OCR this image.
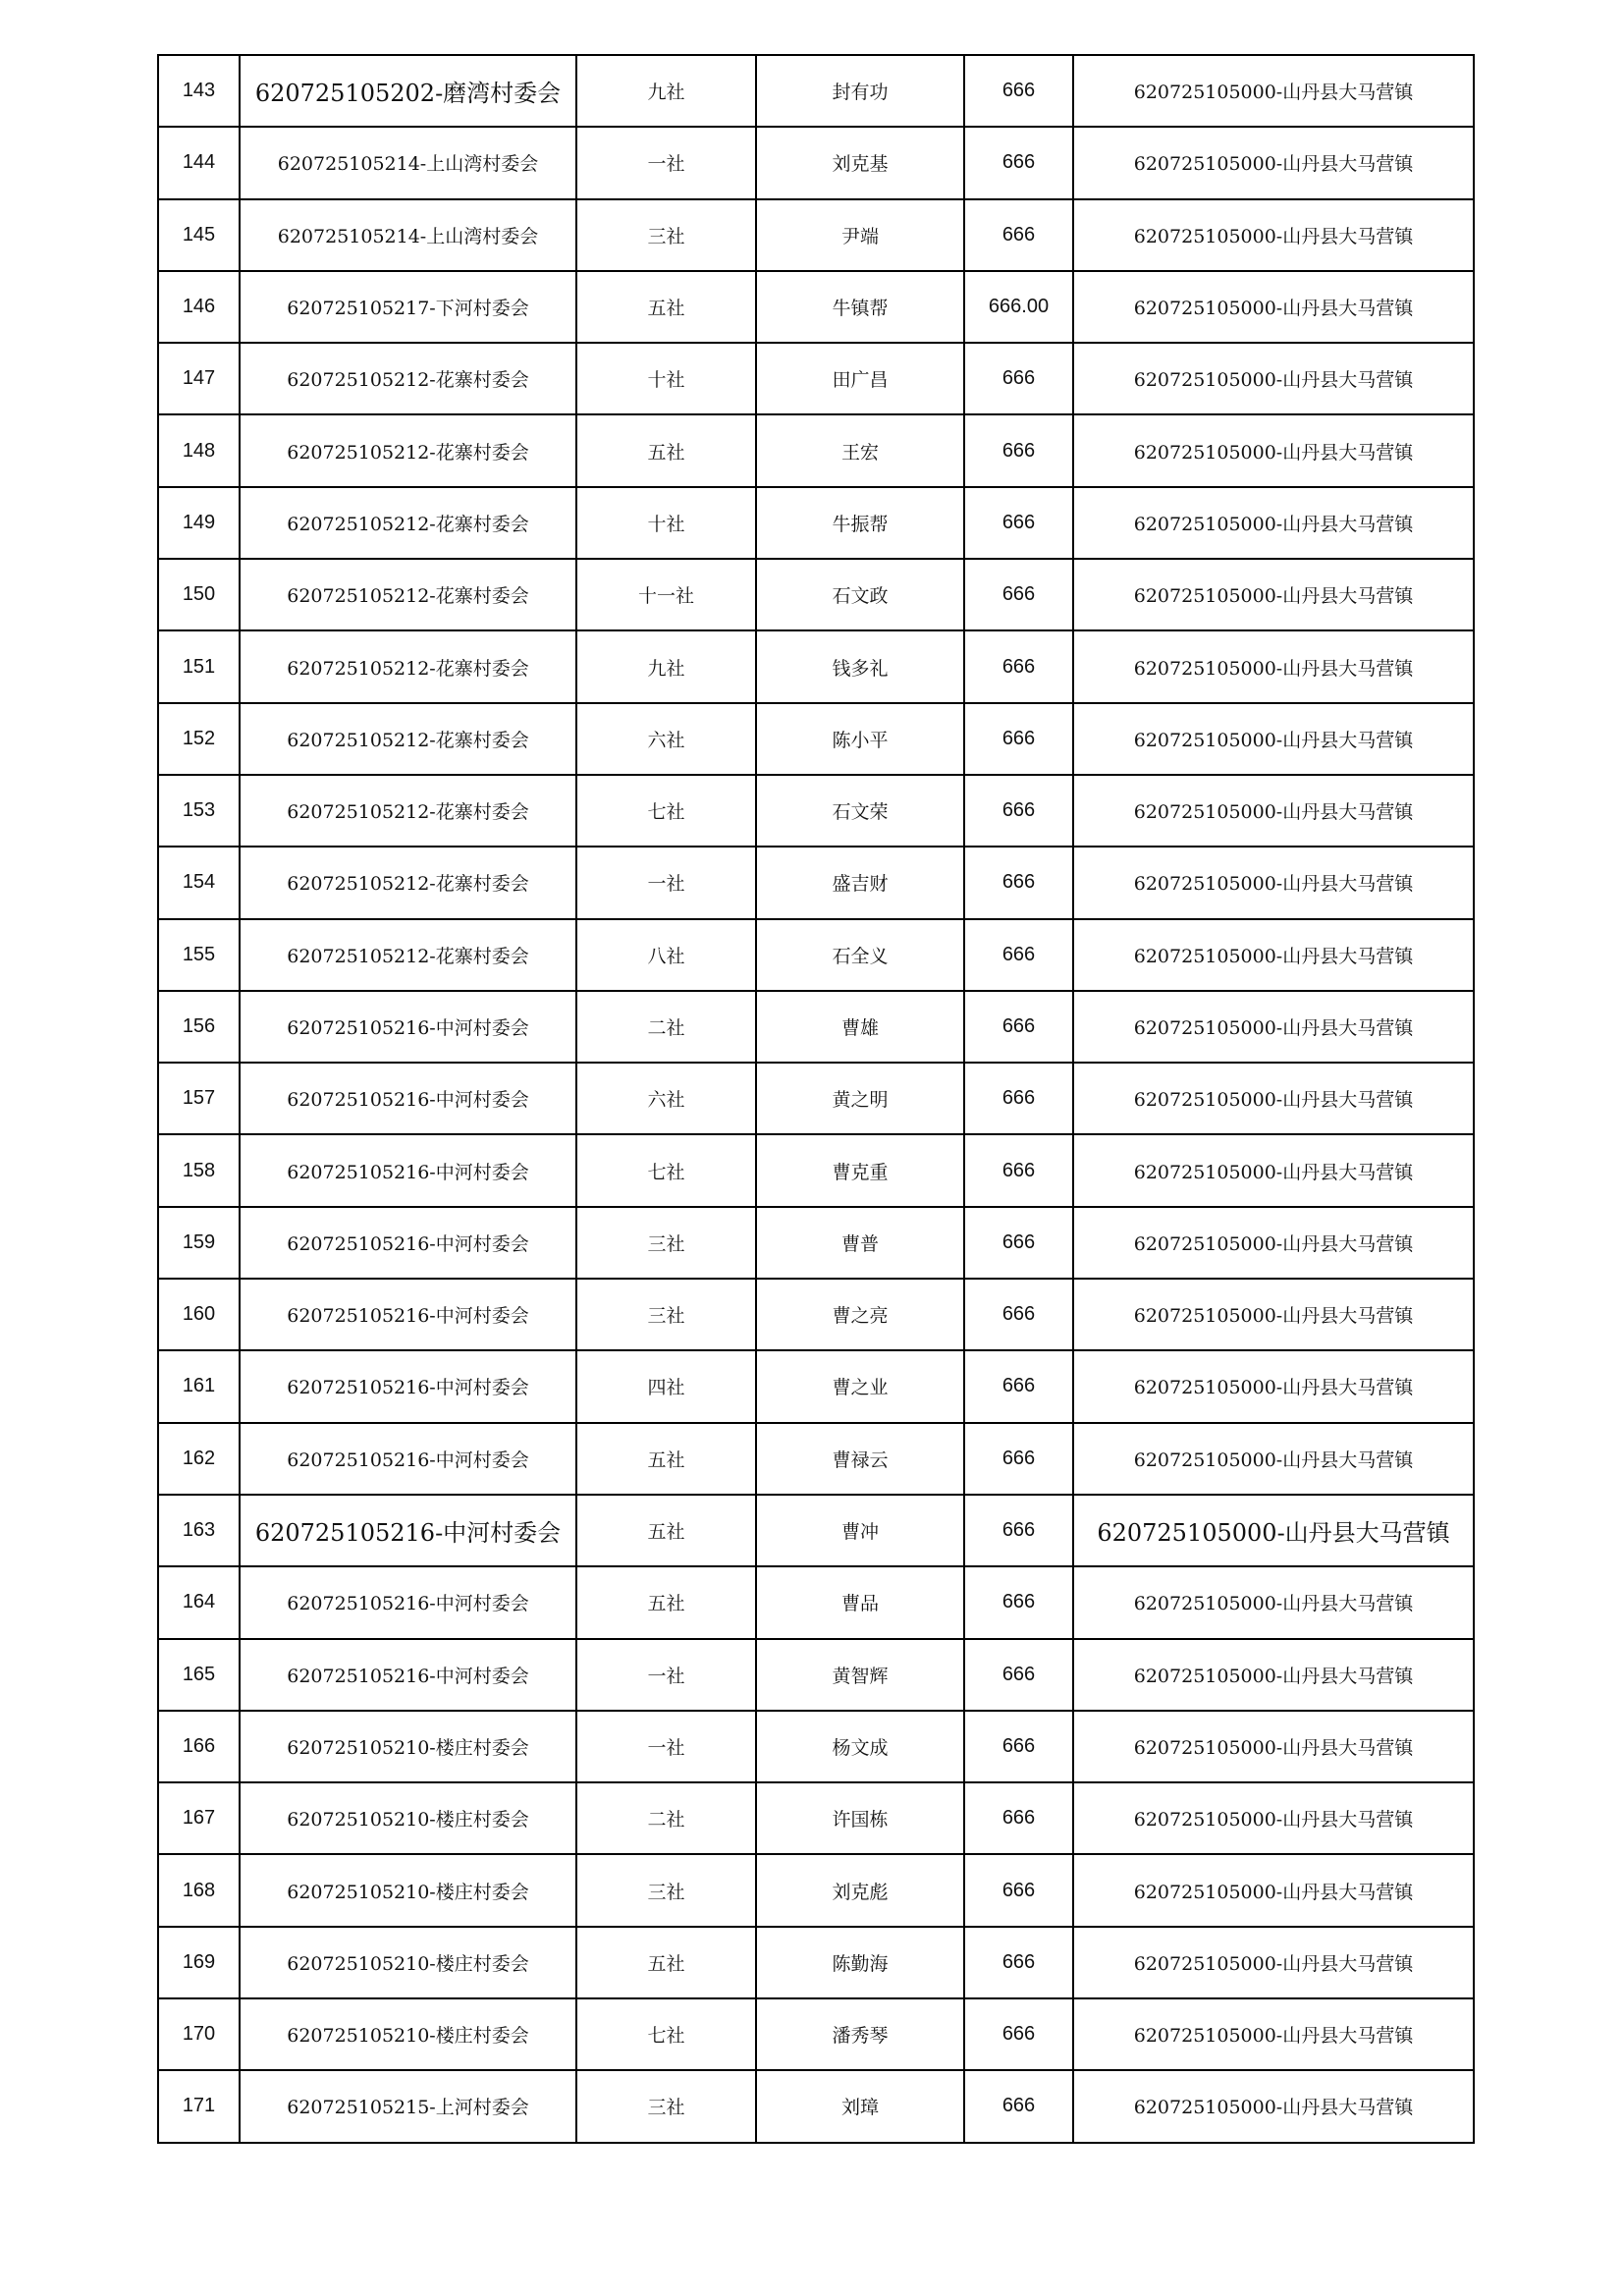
143	620725105202-磨湾村委会	九社	封有功	666	620725105000-山丹县大马营镇
144	620725105214-上山湾村委会	一社	刘克基	666	620725105000-山丹县大马营镇
145	620725105214-上山湾村委会	三社	尹端	666	620725105000-山丹县大马营镇
146	620725105217-下河村委会	五社	牛镇帮	666.00	620725105000-山丹县大马营镇
147	620725105212-花寨村委会	十社	田广昌	666	620725105000-山丹县大马营镇
148	620725105212-花寨村委会	五社	王宏	666	620725105000-山丹县大马营镇
149	620725105212-花寨村委会	十社	牛振帮	666	620725105000-山丹县大马营镇
150	620725105212-花寨村委会	十一社	石文政	666	620725105000-山丹县大马营镇
151	620725105212-花寨村委会	九社	钱多礼	666	620725105000-山丹县大马营镇
152	620725105212-花寨村委会	六社	陈小平	666	620725105000-山丹县大马营镇
153	620725105212-花寨村委会	七社	石文荣	666	620725105000-山丹县大马营镇
154	620725105212-花寨村委会	一社	盛吉财	666	620725105000-山丹县大马营镇
155	620725105212-花寨村委会	八社	石全义	666	620725105000-山丹县大马营镇
156	620725105216-中河村委会	二社	曹雄	666	620725105000-山丹县大马营镇
157	620725105216-中河村委会	六社	黄之明	666	620725105000-山丹县大马营镇
158	620725105216-中河村委会	七社	曹克重	666	620725105000-山丹县大马营镇
159	620725105216-中河村委会	三社	曹普	666	620725105000-山丹县大马营镇
160	620725105216-中河村委会	三社	曹之亮	666	620725105000-山丹县大马营镇
161	620725105216-中河村委会	四社	曹之业	666	620725105000-山丹县大马营镇
162	620725105216-中河村委会	五社	曹禄云	666	620725105000-山丹县大马营镇
163	620725105216-中河村委会	五社	曹冲	666	620725105000-山丹县大马营镇
164	620725105216-中河村委会	五社	曹品	666	620725105000-山丹县大马营镇
165	620725105216-中河村委会	一社	黄智辉	666	620725105000-山丹县大马营镇
166	620725105210-楼庄村委会	一社	杨文成	666	620725105000-山丹县大马营镇
167	620725105210-楼庄村委会	二社	许国栋	666	620725105000-山丹县大马营镇
168	620725105210-楼庄村委会	三社	刘克彪	666	620725105000-山丹县大马营镇
169	620725105210-楼庄村委会	五社	陈勤海	666	620725105000-山丹县大马营镇
170	620725105210-楼庄村委会	七社	潘秀琴	666	620725105000-山丹县大马营镇
171	620725105215-上河村委会	三社	刘璋	666	620725105000-山丹县大马营镇
